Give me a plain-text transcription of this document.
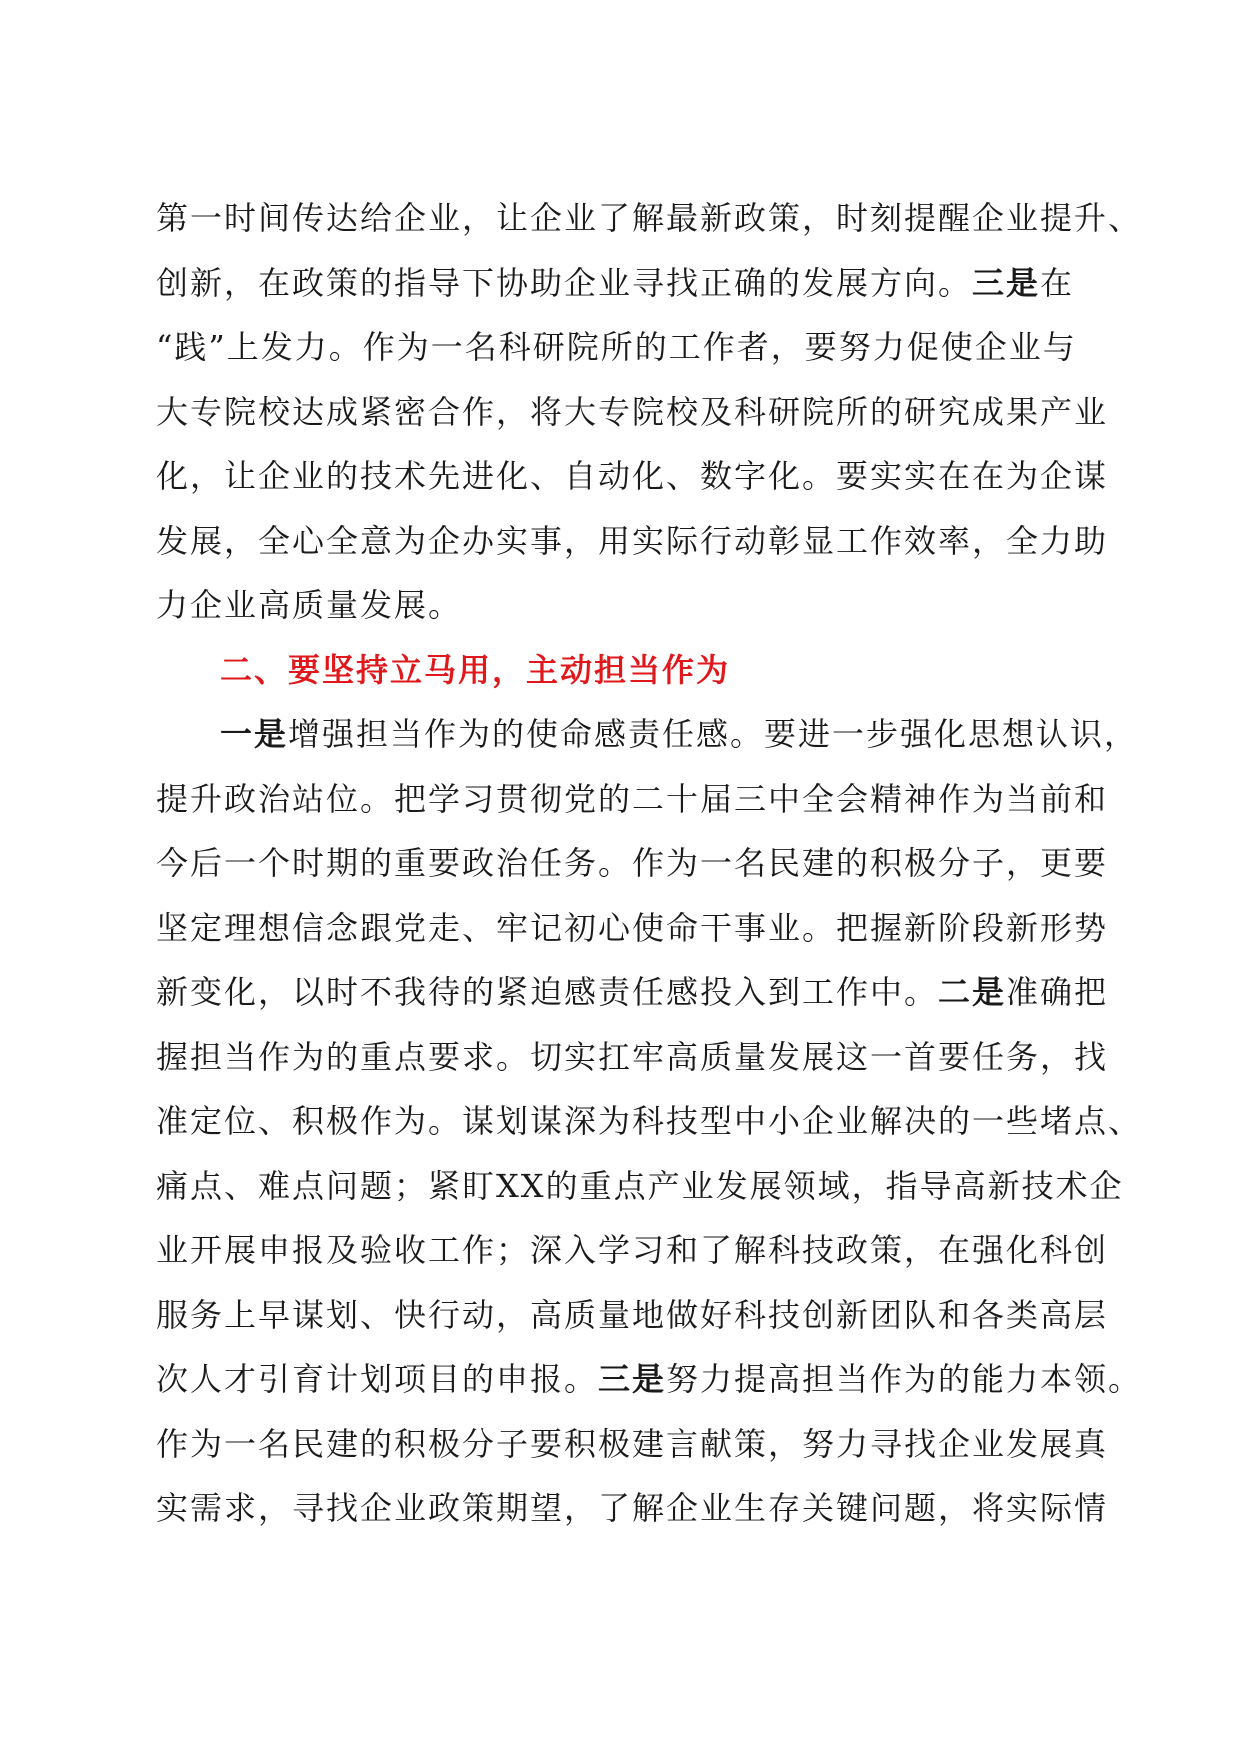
第一时间传达给企业，让企业了解最新政策，时刻提醒企业提升、
创新，在政策的指导下协助企业寻找正确的发展方向。三是在
“践”上发力。作为一名科研院所的工作者，要努力促使企业与
大专院校达成紧密合作，将大专院校及科研院所的研究成果产业
化，让企业的技术先进化、自动化、数字化。要实实在在为企谋
发展，全心全意为企办实事，用实际行动彰显工作效率，全力助
力企业高质量发展。
二、要坚持立马用，主动担当作为
一是增强担当作为的使命感责任感。要进一步强化思想认识，
提升政治站位。把学习贯彻党的二十届三中全会精神作为当前和
今后一个时期的重要政治任务。作为一名民建的积极分子，更要
坚定理想信念跟党走、牢记初心使命干事业。把握新阶段新形势
新变化，以时不我待的紧迫感责任感投入到工作中。二是准确把
握担当作为的重点要求。切实扛牢高质量发展这一首要任务，找
准定位、积极作为。谋划谋深为科技型中小企业解决的一些堵点、
痛点、难点问题；紧盯XX的重点产业发展领域，指导高新技术企
业开展申报及验收工作；深入学习和了解科技政策，在强化科创
服务上早谋划、快行动，高质量地做好科技创新团队和各类高层
次人才引育计划项目的申报。三是努力提高担当作为的能力本领。
作为一名民建的积极分子要积极建言献策，努力寻找企业发展真
实需求，寻找企业政策期望，了解企业生存关键问题，将实际情
